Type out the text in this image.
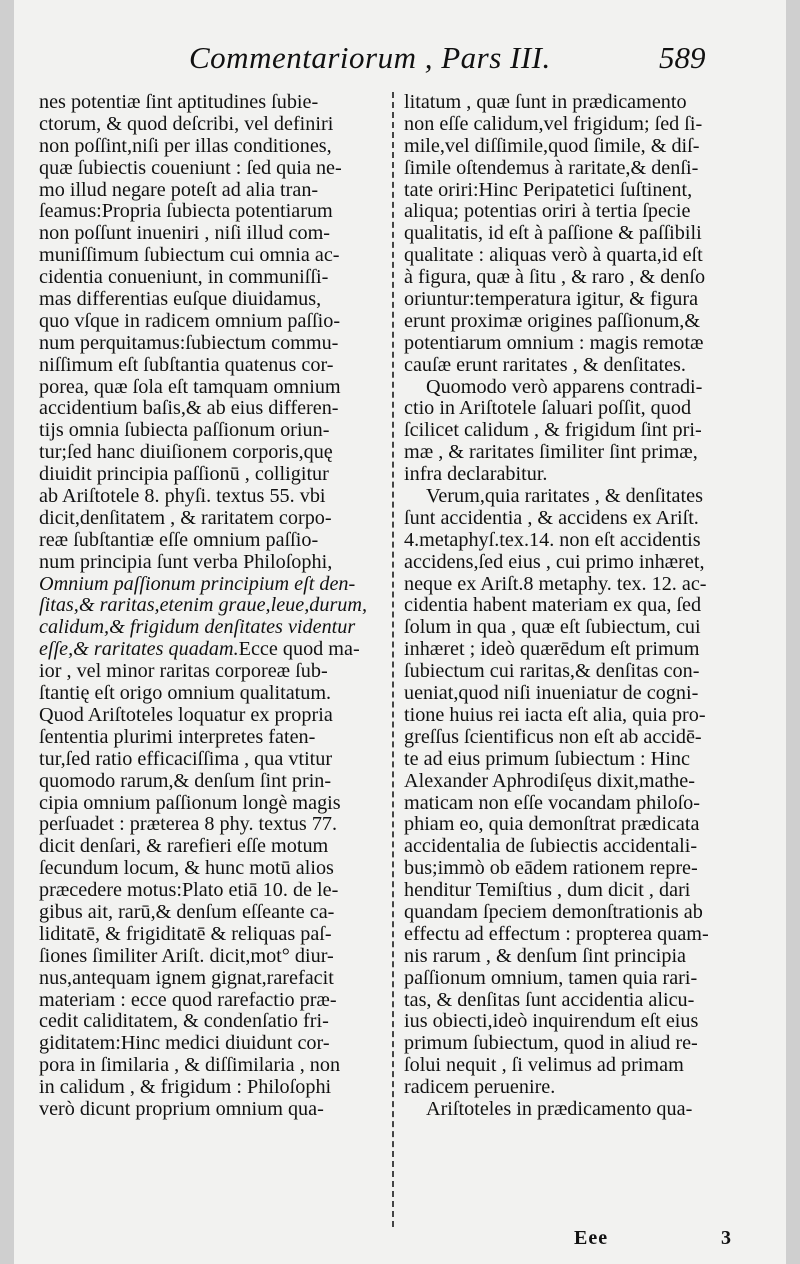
Commentariorum , Pars III.	589
nes potentiæ ſint aptitudines ſubie-
ctorum, & quod deſcribi, vel definiri
non poſſint,niſi per illas conditiones,
quæ ſubiectis coueniunt : ſed quia ne-
mo illud negare poteſt ad alia tran-
ſeamus:Propria ſubiecta potentiarum
non poſſunt inueniri , niſi illud com-
muniſſimum ſubiectum cui omnia ac-
cidentia conueniunt, in communiſſi-
mas differentias euſque diuidamus,
quo vſque in radicem omnium paſſio-
num perquitamus:ſubiectum commu-
niſſimum eſt ſubſtantia quatenus cor-
porea, quæ ſola eſt tamquam omnium
accidentium baſis,& ab eius differen-
tijs omnia ſubiecta paſſionum oriun-
tur;ſed hanc diuiſionem corporis,quę
diuidit principia paſſionū , colligitur
ab Ariſtotele 8. phyſi. textus 55. vbi
dicit,denſitatem , & raritatem corpo-
reæ ſubſtantiæ eſſe omnium paſſio-
num principia ſunt verba Philoſophi,
Omnium paſſionum principium eſt den-
ſitas,& raritas,etenim graue,leue,durum,
calidum,& frigidum denſitates videntur
eſſe,& raritates quadam.Ecce quod ma-
ior , vel minor raritas corporeæ ſub-
ſtantię eſt origo omnium qualitatum.
Quod Ariſtoteles loquatur ex propria
ſententia plurimi interpretes faten-
tur,ſed ratio efficaciſſima , qua vtitur
quomodo rarum,& denſum ſint prin-
cipia omnium paſſionum longè magis
perſuadet : præterea 8 phy. textus 77.
dicit denſari, & rarefieri eſſe motum
ſecundum locum, & hunc motū alios
præcedere motus:Plato etiā 10. de le-
gibus ait, rarū,& denſum eſſeante ca-
liditatē, & frigiditatē & reliquas paſ-
ſiones ſimiliter Ariſt. dicit,mot° diur-
nus,antequam ignem gignat,rarefacit
materiam : ecce quod rarefactio præ-
cedit caliditatem, & condenſatio fri-
giditatem:Hinc medici diuidunt cor-
pora in ſimilaria , & diſſimilaria , non
in calidum , & frigidum : Philoſophi
verò dicunt proprium omnium qua-
litatum , quæ ſunt in prædicamento
non eſſe calidum,vel frigidum; ſed ſi-
mile,vel diſſimile,quod ſimile, & diſ-
ſimile oſtendemus à raritate,& denſi-
tate oriri:Hinc Peripatetici ſuſtinent,
aliqua; potentias oriri à tertia ſpecie
qualitatis, id eſt à paſſione & paſſibili
qualitate : aliquas verò à quarta,id eſt
à figura, quæ à ſitu , & raro , & denſo
oriuntur:temperatura igitur, & figura
erunt proximæ origines paſſionum,&
potentiarum omnium : magis remotæ
cauſæ erunt raritates , & denſitates.
Quomodo verò apparens contradi-
ctio in Ariſtotele ſaluari poſſit, quod
ſcilicet calidum , & frigidum ſint pri-
mæ , & raritates ſimiliter ſint primæ,
infra declarabitur.
Verum,quia raritates , & denſitates
ſunt accidentia , & accidens ex Ariſt.
4.metaphyſ.tex.14. non eſt accidentis
accidens,ſed eius , cui primo inhæret,
neque ex Ariſt.8 metaphy. tex. 12. ac-
cidentia habent materiam ex qua, ſed
ſolum in qua , quæ eſt ſubiectum, cui
inhæret ; ideò quærēdum eſt primum
ſubiectum cui raritas,& denſitas con-
ueniat,quod niſi inueniatur de cogni-
tione huius rei iacta eſt alia, quia pro-
greſſus ſcientificus non eſt ab accidē-
te ad eius primum ſubiectum : Hinc
Alexander Aphrodiſęus dixit,mathe-
maticam non eſſe vocandam philoſo-
phiam eo, quia demonſtrat prædicata
accidentalia de ſubiectis accidentali-
bus;immò ob eādem rationem repre-
henditur Temiſtius , dum dicit , dari
quandam ſpeciem demonſtrationis ab
effectu ad effectum : propterea quam-
nis rarum , & denſum ſint principia
paſſionum omnium, tamen quia rari-
tas, & denſitas ſunt accidentia alicu-
ius obiecti,ideò inquirendum eſt eius
primum ſubiectum, quod in aliud re-
ſolui nequit , ſi velimus ad primam
radicem peruenire.
Ariſtoteles in prædicamento qua-
Eee	3
